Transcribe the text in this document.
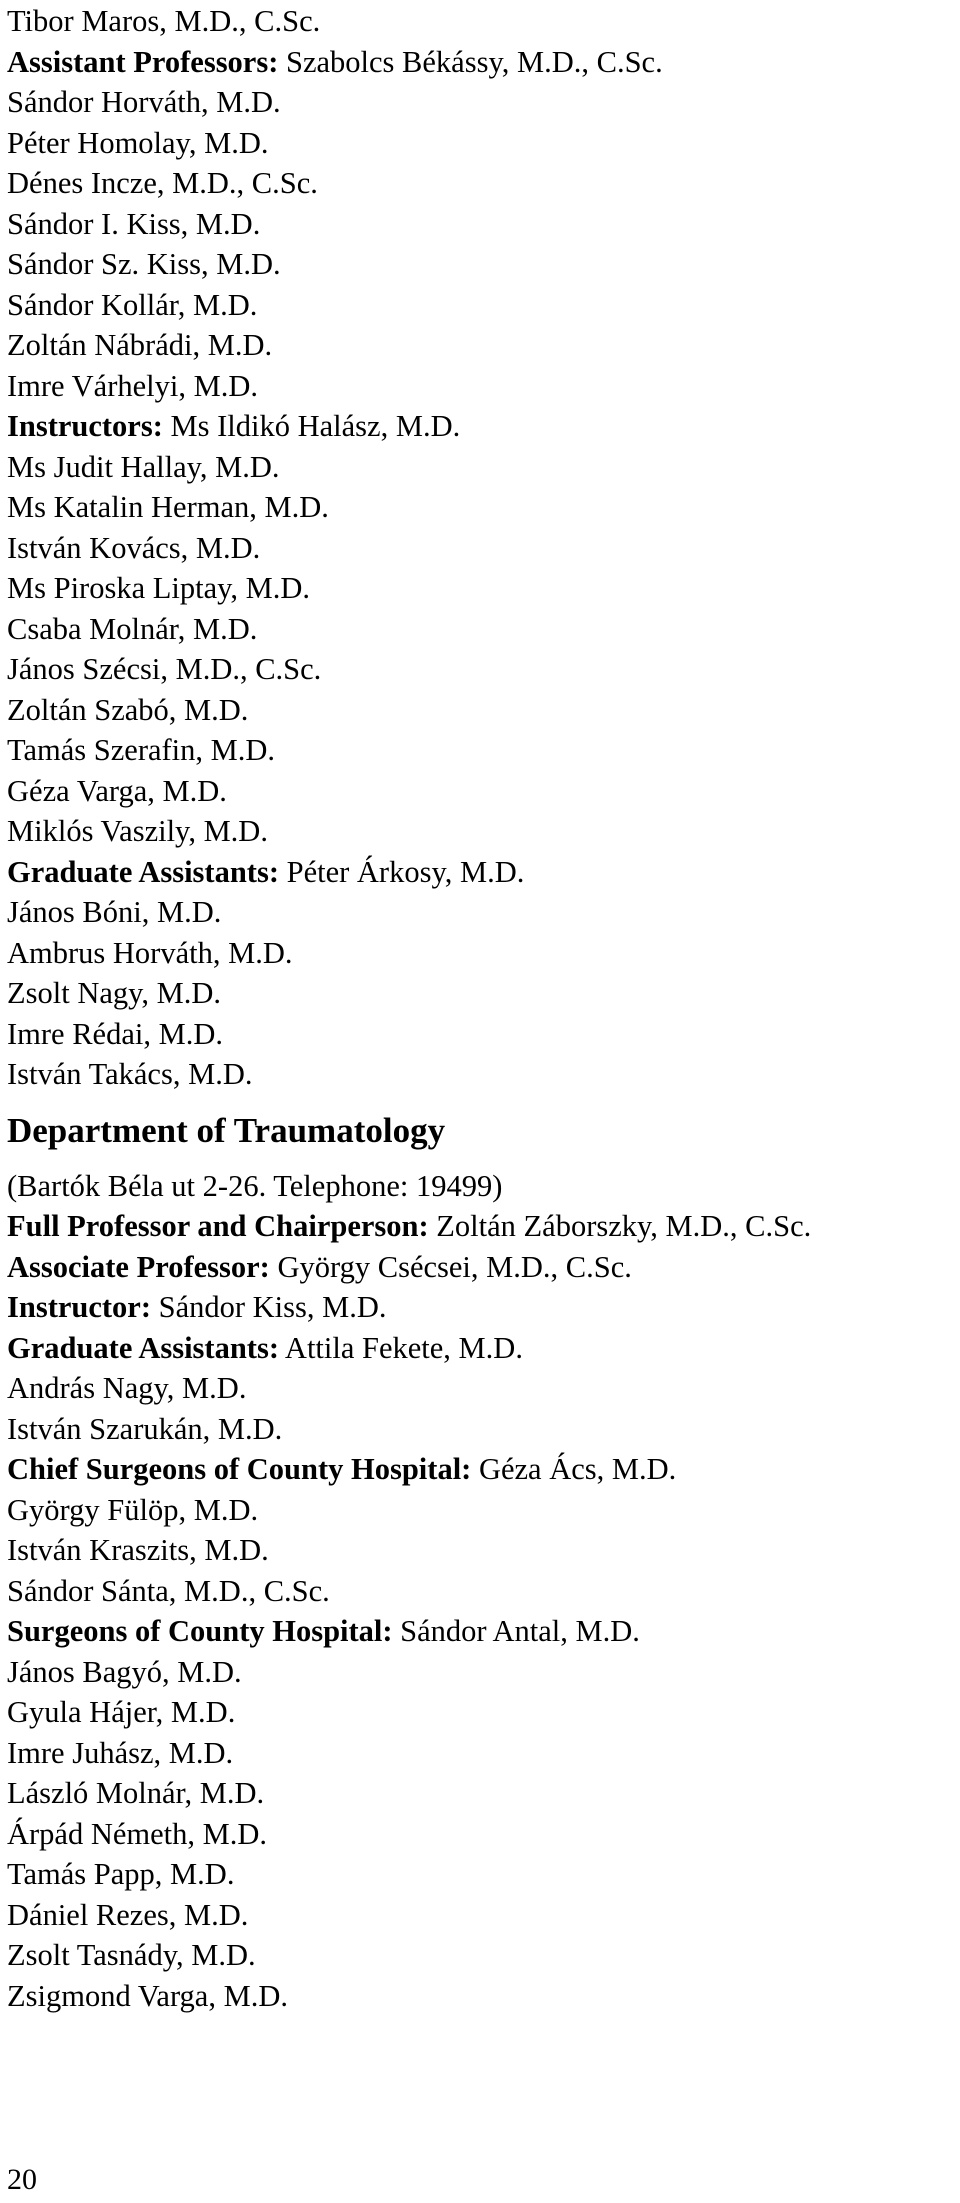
Tibor Maros, M.D., C.Sc.
Assistant Professors: Szabolcs Békássy, M.D., C.Sc.
Sándor Horváth, M.D.
Péter Homolay, M.D.
Dénes Incze, M.D., C.Sc.
Sándor I. Kiss, M.D.
Sándor Sz. Kiss, M.D.
Sándor Kollár, M.D.
Zoltán Nábrádi, M.D.
Imre Várhelyi, M.D.
Instructors: Ms Ildikó Halász, M.D.
Ms Judit Hallay, M.D.
Ms Katalin Herman, M.D.
István Kovács, M.D.
Ms Piroska Liptay, M.D.
Csaba Molnár, M.D.
János Szécsi, M.D., C.Sc.
Zoltán Szabó, M.D.
Tamás Szerafin, M.D.
Géza Varga, M.D.
Miklós Vaszily, M.D.
Graduate Assistants: Péter Árkosy, M.D.
János Bóni, M.D.
Ambrus Horváth, M.D.
Zsolt Nagy, M.D.
Imre Rédai, M.D.
István Takács, M.D.
Department of Traumatology
(Bartók Béla ut 2-26. Telephone: 19499)
Full Professor and Chairperson: Zoltán Záborszky, M.D., C.Sc.
Associate Professor: György Csécsei, M.D., C.Sc.
Instructor: Sándor Kiss, M.D.
Graduate Assistants: Attila Fekete, M.D.
András Nagy, M.D.
István Szarukán, M.D.
Chief Surgeons of County Hospital: Géza Ács, M.D.
György Fülöp, M.D.
István Kraszits, M.D.
Sándor Sánta, M.D., C.Sc.
Surgeons of County Hospital: Sándor Antal, M.D.
János Bagyó, M.D.
Gyula Hájer, M.D.
Imre Juhász, M.D.
László Molnár, M.D.
Árpád Németh, M.D.
Tamás Papp, M.D.
Dániel Rezes, M.D.
Zsolt Tasnády, M.D.
Zsigmond Varga, M.D.
20
